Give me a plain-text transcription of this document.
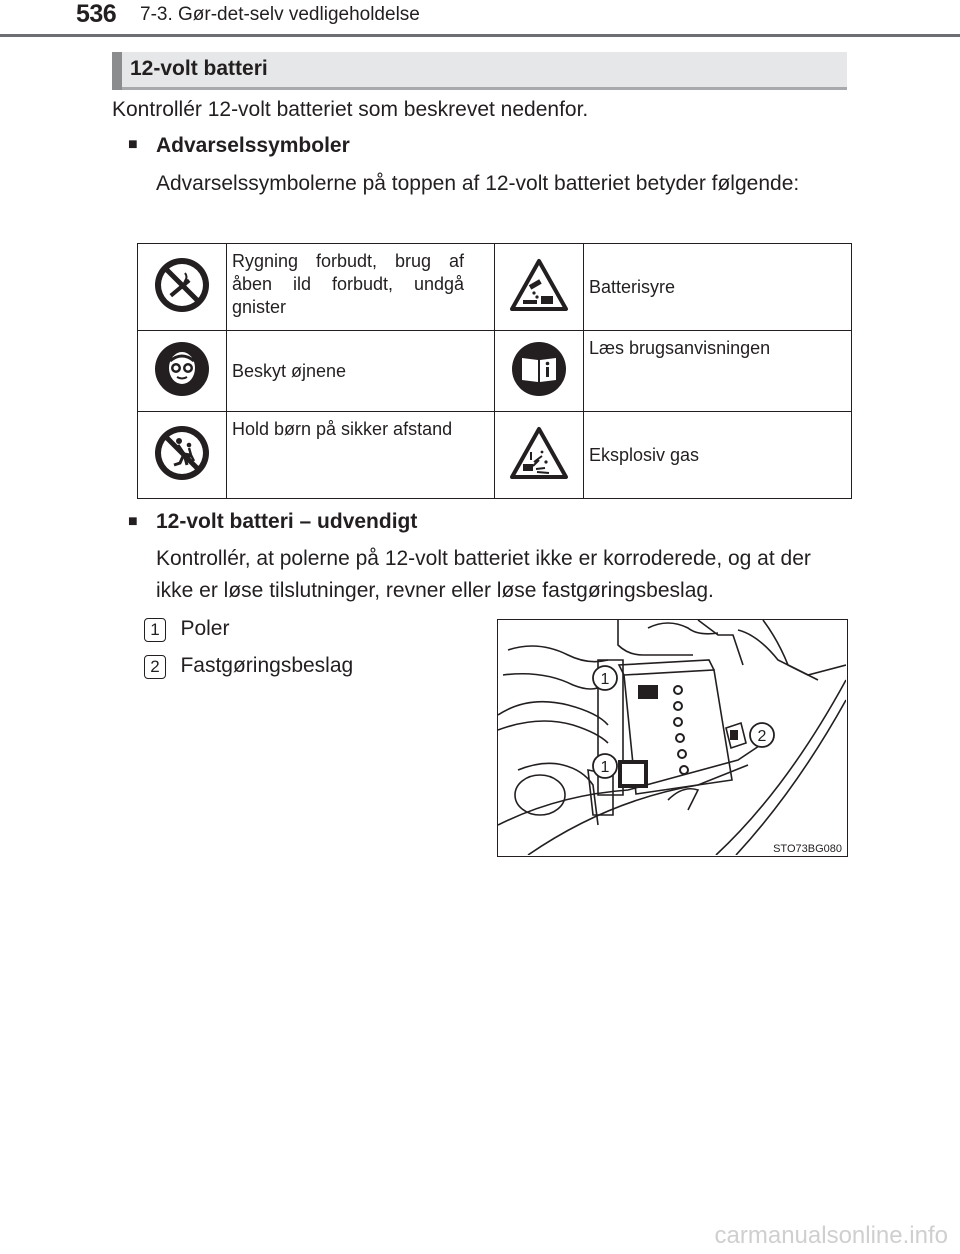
536 7-3. Gør-det-selv vedligeholdelse
12-volt batteri
Kontrollér 12-volt batteriet som beskrevet nedenfor.
■ Advarselssymboler
Advarselssymbolerne på toppen af 12-volt batteriet betyder følgende:

Rygning forbudt, brug af åben ild forbudt, undgå gnister		Batterisyre

Beskyt øjnene		Læs brugsanvisningen

Hold børn på sikker afstand		Eksplosiv gas
■ 12-volt batteri – udvendigt
Kontrollér, at polerne på 12-volt batteriet ikke er korroderede, og at der ikke er løse tilslutninger, revner eller løse fastgøringsbeslag.
1 Poler
2 Fastgøringsbeslag
1
1
2
STO73BG080
carmanualsonline.info
